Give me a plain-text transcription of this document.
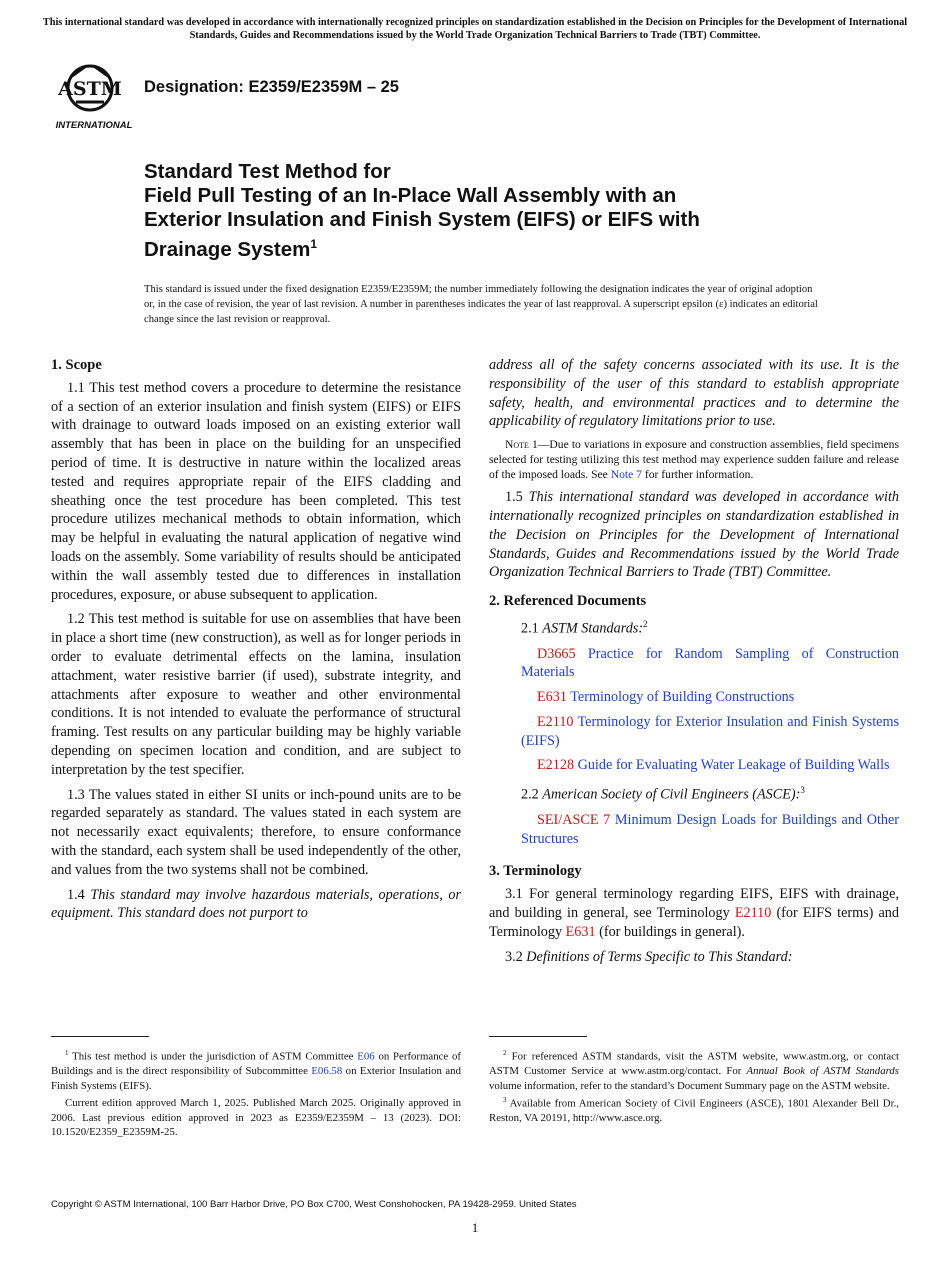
This international standard was developed in accordance with internationally recognized principles on standardization established in the Decision on Principles for the Development of International Standards, Guides and Recommendations issued by the World Trade Organization Technical Barriers to Trade (TBT) Committee.
ASTM
INTERNATIONAL
Designation: E2359/E2359M – 25
Standard Test Method for
Field Pull Testing of an In-Place Wall Assembly with an
Exterior Insulation and Finish System (EIFS) or EIFS with
Drainage System$^1$
This standard is issued under the fixed designation E2359/E2359M; the number immediately following the designation indicates the year of original adoption or, in the case of revision, the year of last revision. A number in parentheses indicates the year of last reapproval. A superscript epsilon (ε) indicates an editorial change since the last revision or reapproval.
1. Scope

1.1 This test method covers a procedure to determine the resistance of a section of an exterior insulation and finish system (EIFS) or EIFS with drainage to outward loads imposed on an existing exterior wall assembly that has been in place on the building for an unspecified period of time. It is destructive in nature within the localized areas tested and requires appropriate repair of the EIFS cladding and sheathing once the test procedure has been completed. This test procedure utilizes mechanical methods to obtain information, which may be helpful in evaluating the natural application of negative wind loads on the assembly. Some variability of results should be anticipated within the wall assembly tested due to differences in installation procedures, exposure, or abuse subsequent to application.

1.2 This test method is suitable for use on assemblies that have been in place a short time (new construction), as well as for longer periods in order to evaluate detrimental effects on the lamina, insulation attachment, water resistive barrier (if used), substrate integrity, and attachments after exposure to weather and other environmental conditions. It is not intended to evaluate the performance of structural framing. Test results on any particular building may be highly variable depending on specimen location and condition, and are subject to interpretation by the test specifier.

1.3 The values stated in either SI units or inch-pound units are to be regarded separately as standard. The values stated in each system are not necessarily exact equivalents; therefore, to ensure conformance with the standard, each system shall be used independently of the other, and values from the two systems shall not be combined.

1.4 This standard may involve hazardous materials, operations, or equipment. This standard does not purport to

address all of the safety concerns associated with its use. It is the responsibility of the user of this standard to establish appropriate safety, health, and environmental practices and to determine the applicability of regulatory limitations prior to use.

Note 1—Due to variations in exposure and construction assemblies, field specimens selected for testing utilizing this test method may experience sudden failure and release of the imposed loads. See Note 7 for further information.

1.5 This international standard was developed in accordance with internationally recognized principles on standardization established in the Decision on Principles for the Development of International Standards, Guides and Recommendations issued by the World Trade Organization Technical Barriers to Trade (TBT) Committee.

2. Referenced Documents

2.1 ASTM Standards:$^2$

D3665 Practice for Random Sampling of Construction Materials

E631 Terminology of Building Constructions

E2110 Terminology for Exterior Insulation and Finish Systems (EIFS)

E2128 Guide for Evaluating Water Leakage of Building Walls

2.2 American Society of Civil Engineers (ASCE):$^3$

SEI/ASCE 7 Minimum Design Loads for Buildings and Other Structures

3. Terminology

3.1 For general terminology regarding EIFS, EIFS with drainage, and building in general, see Terminology E2110 (for EIFS terms) and Terminology E631 (for buildings in general).

3.2 Definitions of Terms Specific to This Standard:

$^1$ This test method is under the jurisdiction of ASTM Committee E06 on Performance of Buildings and is the direct responsibility of Subcommittee E06.58 on Exterior Insulation and Finish Systems (EIFS).

Current edition approved March 1, 2025. Published March 2025. Originally approved in 2006. Last previous edition approved in 2023 as E2359/E2359M – 13 (2023). DOI: 10.1520/E2359_E2359M-25.

$^2$ For referenced ASTM standards, visit the ASTM website, www.astm.org, or contact ASTM Customer Service at www.astm.org/contact. For Annual Book of ASTM Standards volume information, refer to the standard’s Document Summary page on the ASTM website.

$^3$ Available from American Society of Civil Engineers (ASCE), 1801 Alexander Bell Dr., Reston, VA 20191, http://www.asce.org.

Copyright © ASTM International, 100 Barr Harbor Drive, PO Box C700, West Conshohocken, PA 19428-2959. United States
1
